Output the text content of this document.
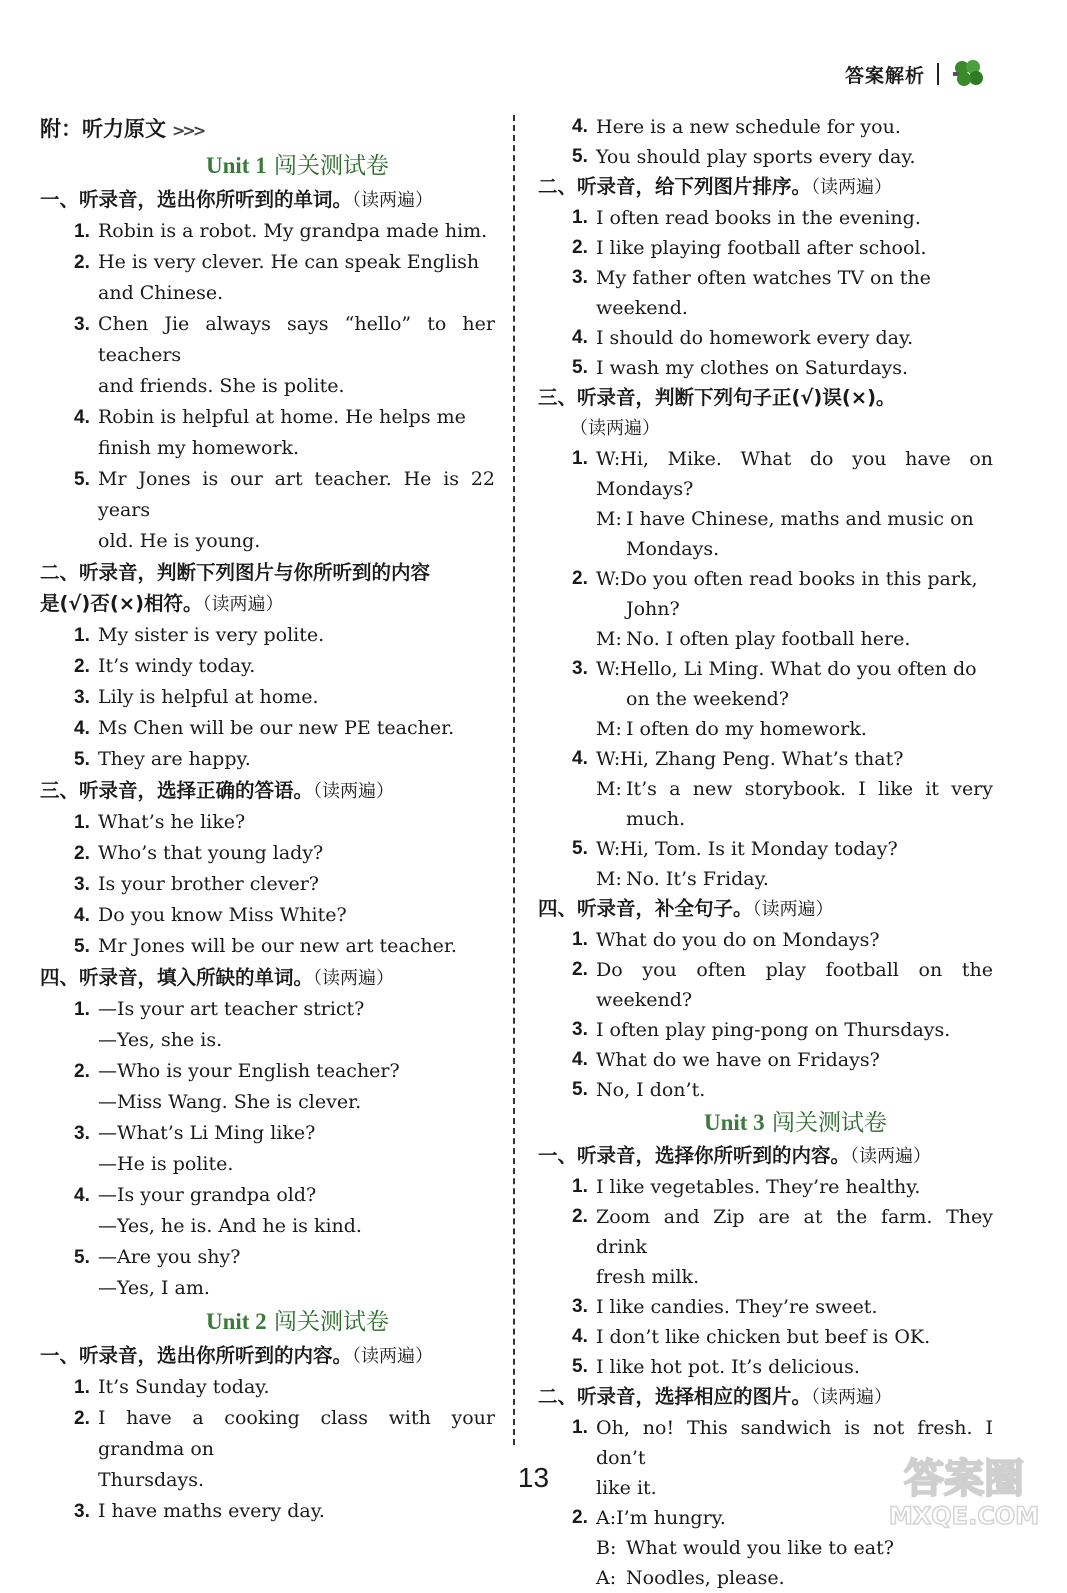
答案解析
附：听力原文 >>>
Unit 1 闯关测试卷
一、听录音，选出你所听到的单词。（读两遍）
1. Robin is a robot. My grandpa made him.
2. He is very clever. He can speak English
and Chinese.
3. Chen Jie always says “hello” to her teachers
and friends. She is polite.
4. Robin is helpful at home. He helps me
finish my homework.
5. Mr Jones is our art teacher. He is 22 years
old. He is young.
二、听录音，判断下列图片与你所听到的内容
是(√)否(×)相符。（读两遍）
1. My sister is very polite.
2. It’s windy today.
3. Lily is helpful at home.
4. Ms Chen will be our new PE teacher.
5. They are happy.
三、听录音，选择正确的答语。（读两遍）
1. What’s he like?
2. Who’s that young lady?
3. Is your brother clever?
4. Do you know Miss White?
5. Mr Jones will be our new art teacher.
四、听录音，填入所缺的单词。（读两遍）
1. —Is your art teacher strict?
—Yes, she is.
2. —Who is your English teacher?
—Miss Wang. She is clever.
3. —What’s Li Ming like?
—He is polite.
4. —Is your grandpa old?
—Yes, he is. And he is kind.
5. —Are you shy?
—Yes, I am.
Unit 2 闯关测试卷
一、听录音，选出你所听到的内容。（读两遍）
1. It’s Sunday today.
2. I have a cooking class with your grandma on
Thursdays.
3. I have maths every day.
4. Here is a new schedule for you.
5. You should play sports every day.
二、听录音，给下列图片排序。（读两遍）
1. I often read books in the evening.
2. I like playing football after school.
3. My father often watches TV on the
weekend.
4. I should do homework every day.
5. I wash my clothes on Saturdays.
三、听录音，判断下列句子正(√)误(×)。
（读两遍）
1. W:Hi, Mike. What do you have on Mondays?
M: I have Chinese, maths and music on
Mondays.
2. W:Do you often read books in this park,
John?
M: No. I often play football here.
3. W:Hello, Li Ming. What do you often do
on the weekend?
M: I often do my homework.
4. W:Hi, Zhang Peng. What’s that?
M: It’s a new storybook. I like it very much.
5. W:Hi, Tom. Is it Monday today?
M: No. It’s Friday.
四、听录音，补全句子。（读两遍）
1. What do you do on Mondays?
2. Do you often play football on the weekend?
3. I often play ping-pong on Thursdays.
4. What do we have on Fridays?
5. No, I don’t.
Unit 3 闯关测试卷
一、听录音，选择你所听到的内容。（读两遍）
1. I like vegetables. They’re healthy.
2. Zoom and Zip are at the farm. They drink
fresh milk.
3. I like candies. They’re sweet.
4. I don’t like chicken but beef is OK.
5. I like hot pot. It’s delicious.
二、听录音，选择相应的图片。（读两遍）
1. Oh, no! This sandwich is not fresh. I don’t
like it.
2. A:I’m hungry.
B: What would you like to eat?
A: Noodles, please.
13	答案圈
MXQE.COM
